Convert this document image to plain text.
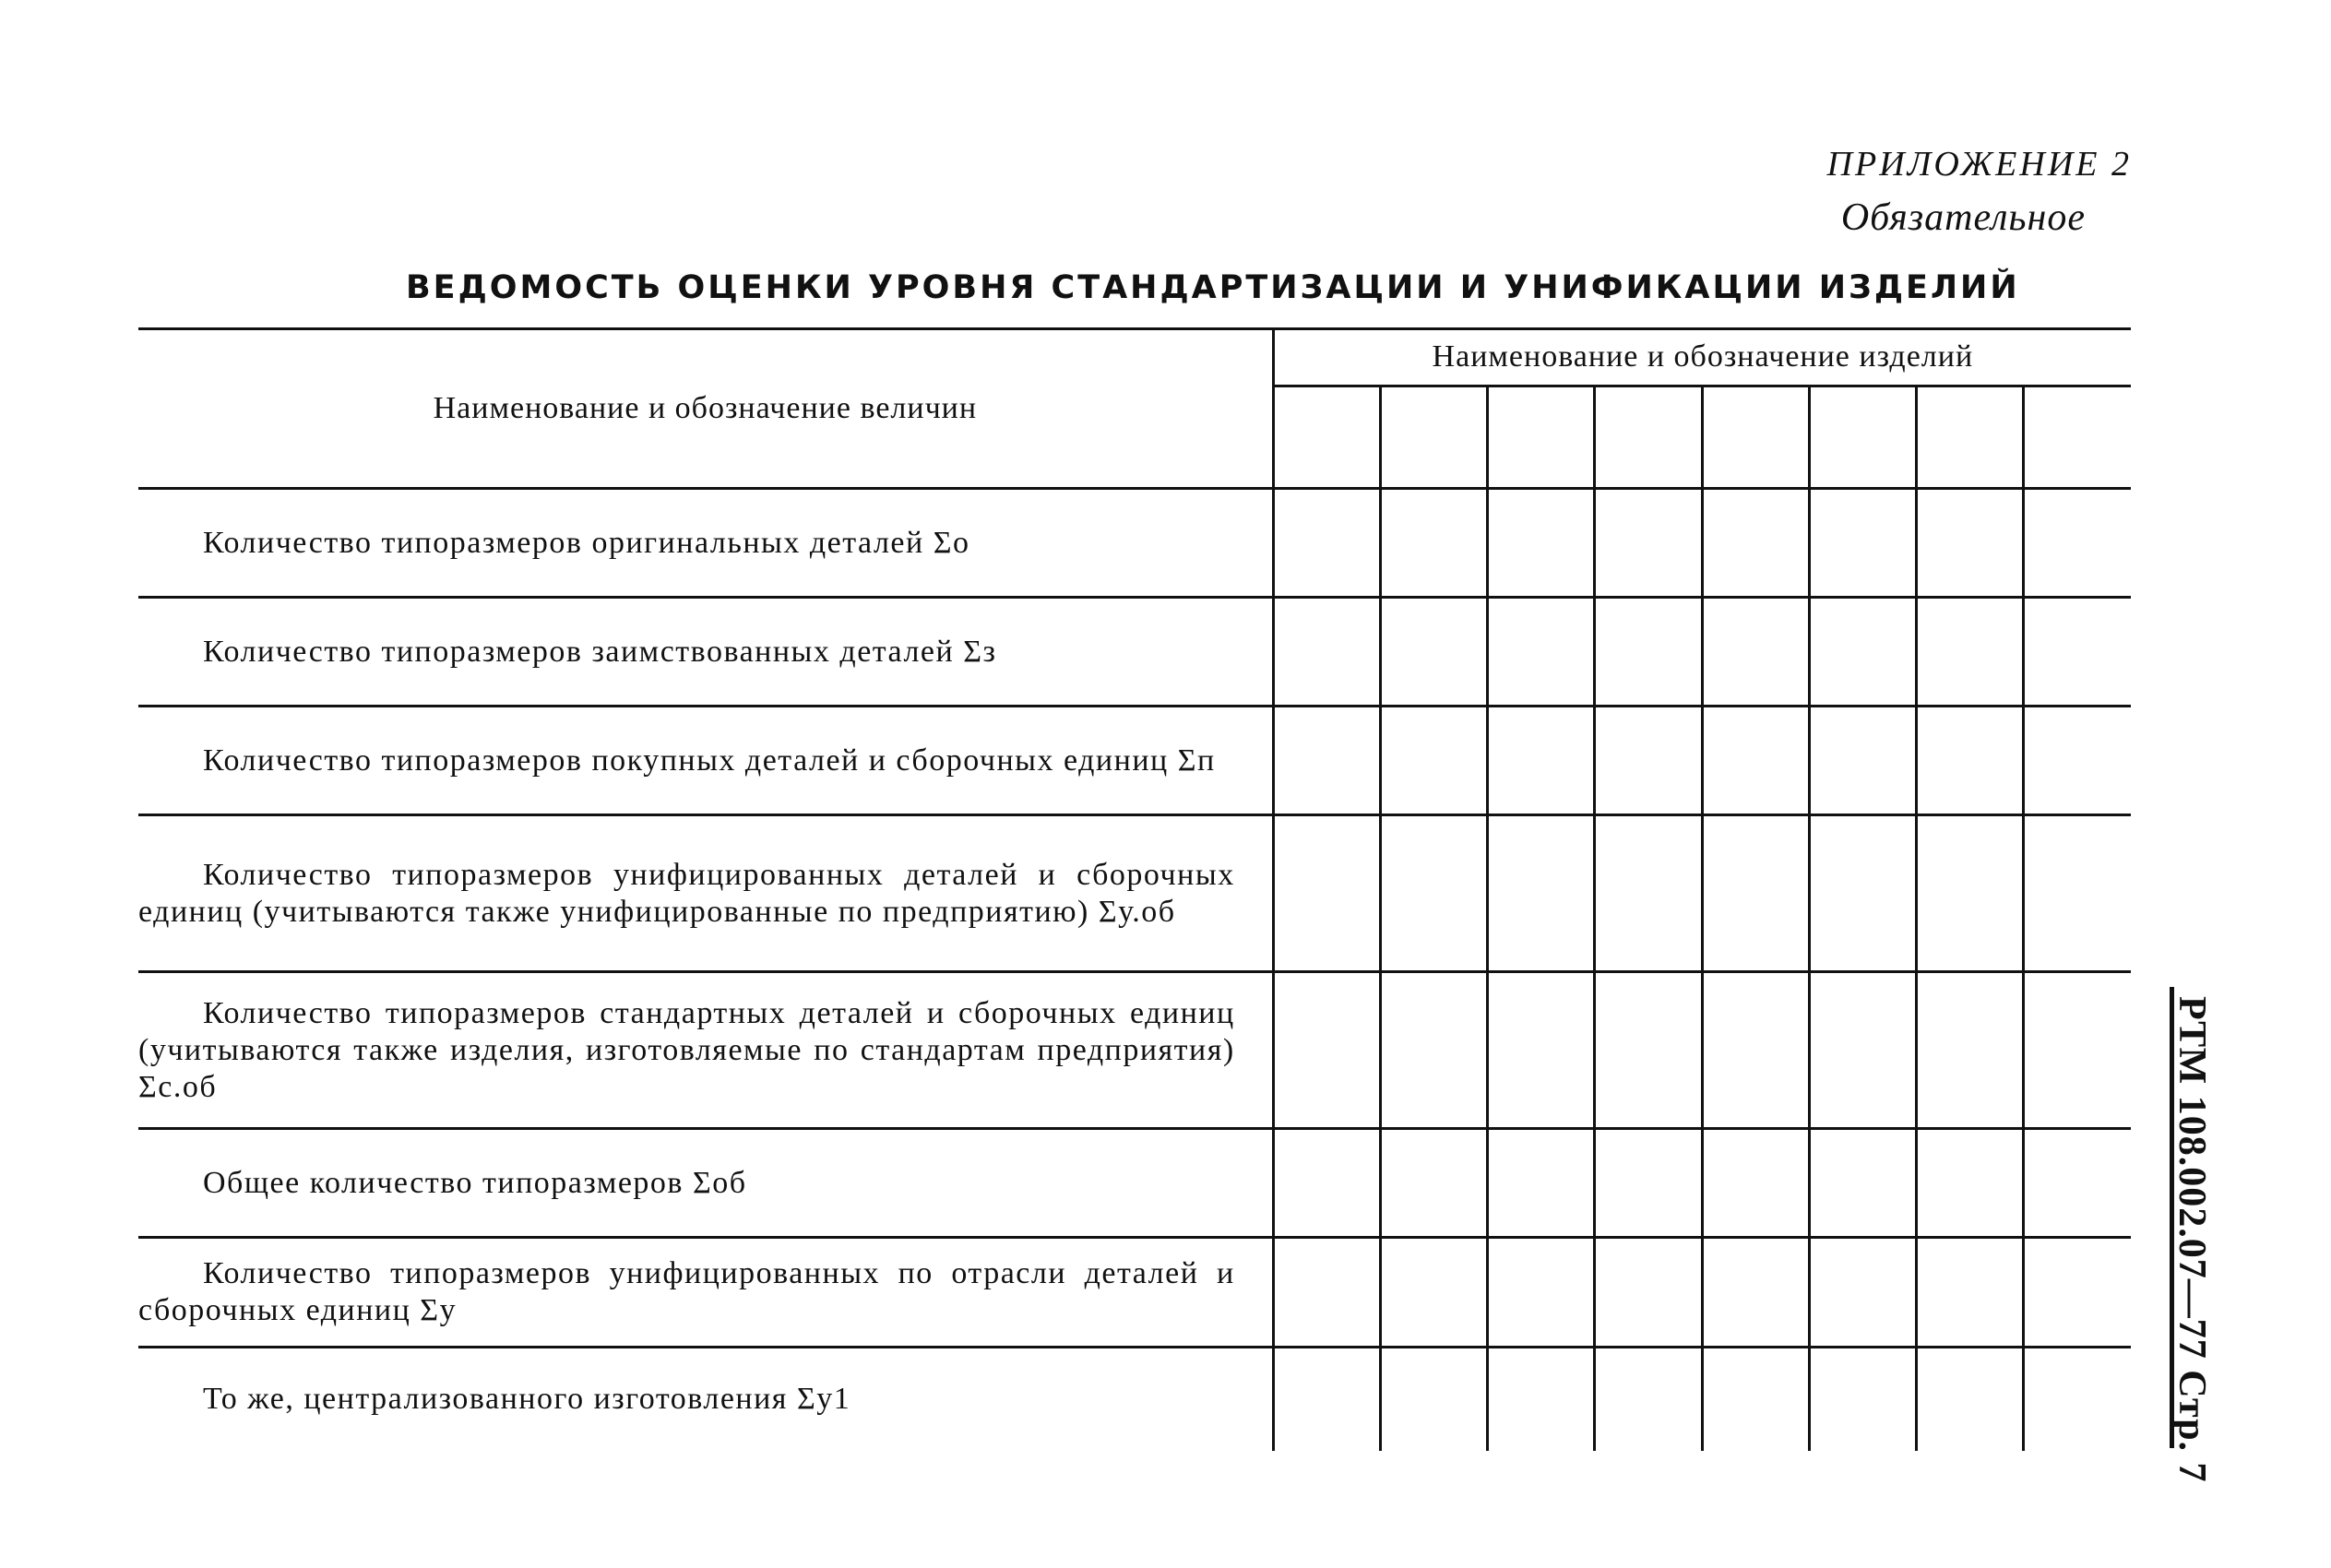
ПРИЛОЖЕНИЕ 2
Обязательное
ВЕДОМОСТЬ ОЦЕНКИ УРОВНЯ СТАНДАРТИЗАЦИИ И УНИФИКАЦИИ ИЗДЕЛИЙ
Наименование и обозначение величин	Наименование и обозначение изделий							

Количество типоразмеров оригинальных деталей Σо								
Количество типоразмеров заимствованных деталей Σз								
Количество типоразмеров покупных деталей и сборочных единиц Σп								
Количество типоразмеров унифицированных деталей и сборочных единиц (учитываются также унифицированные по предприятию) Σу.об								
Количество типоразмеров стандартных деталей и сборочных единиц (учитываются также изделия, изготовляемые по стандартам предприятия) Σс.об								
Общее количество типоразмеров Σоб								
Количество типоразмеров унифицированных по отрасли деталей и сборочных единиц Σу								
То же, централизованного изготовления Σу1									РТМ 108.002.07—77 Стр. 7
